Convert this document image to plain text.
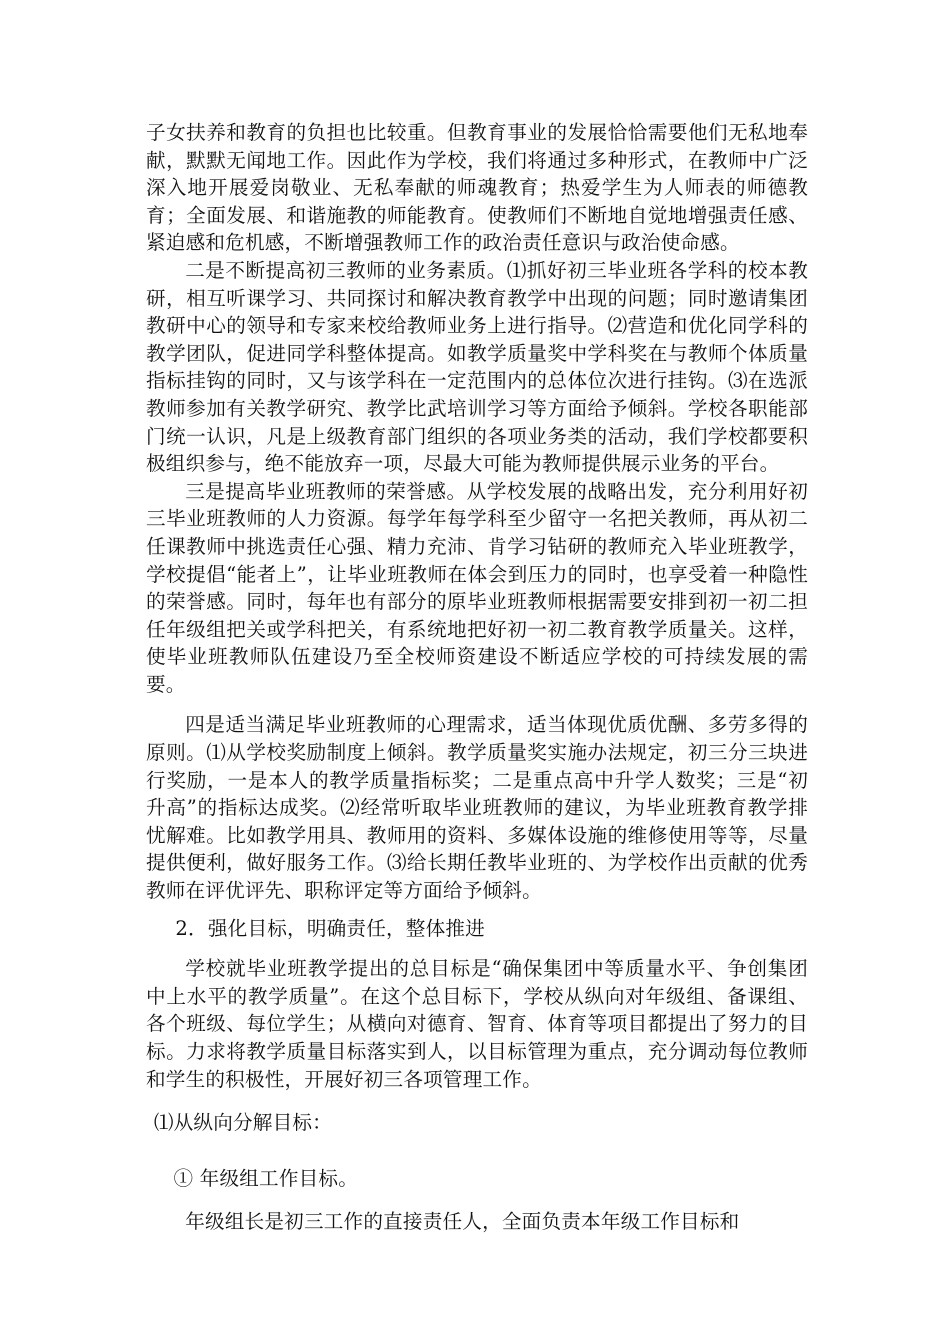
子女扶养和教育的负担也比较重。但教育事业的发展恰恰需要他们无私地奉献，默默无闻地工作。因此作为学校，我们将通过多种形式，在教师中广泛深入地开展爱岗敬业、无私奉献的师魂教育；热爱学生为人师表的师德教育；全面发展、和谐施教的师能教育。使教师们不断地自觉地增强责任感、紧迫感和危机感，不断增强教师工作的政治责任意识与政治使命感。

二是不断提高初三教师的业务素质。⑴抓好初三毕业班各学科的校本教研，相互听课学习、共同探讨和解决教育教学中出现的问题；同时邀请集团教研中心的领导和专家来校给教师业务上进行指导。⑵营造和优化同学科的教学团队，促进同学科整体提高。如教学质量奖中学科奖在与教师个体质量指标挂钩的同时，又与该学科在一定范围内的总体位次进行挂钩。⑶在选派教师参加有关教学研究、教学比武培训学习等方面给予倾斜。学校各职能部门统一认识，凡是上级教育部门组织的各项业务类的活动，我们学校都要积极组织参与，绝不能放弃一项，尽最大可能为教师提供展示业务的平台。

三是提高毕业班教师的荣誉感。从学校发展的战略出发，充分利用好初三毕业班教师的人力资源。每学年每学科至少留守一名把关教师，再从初二任课教师中挑选责任心强、精力充沛、肯学习钻研的教师充入毕业班教学，学校提倡“能者上”，让毕业班教师在体会到压力的同时，也享受着一种隐性的荣誉感。同时，每年也有部分的原毕业班教师根据需要安排到初一初二担任年级组把关或学科把关，有系统地把好初一初二教育教学质量关。这样，使毕业班教师队伍建设乃至全校师资建设不断适应学校的可持续发展的需要。

四是适当满足毕业班教师的心理需求，适当体现优质优酬、多劳多得的原则。⑴从学校奖励制度上倾斜。教学质量奖实施办法规定，初三分三块进行奖励，一是本人的教学质量指标奖；二是重点高中升学人数奖；三是“初升高”的指标达成奖。⑵经常听取毕业班教师的建议，为毕业班教育教学排忧解难。比如教学用具、教师用的资料、多媒体设施的维修使用等等，尽量提供便利，做好服务工作。⑶给长期任教毕业班的、为学校作出贡献的优秀教师在评优评先、职称评定等方面给予倾斜。

2．强化目标，明确责任，整体推进

学校就毕业班教学提出的总目标是“确保集团中等质量水平、争创集团中上水平的教学质量”。在这个总目标下，学校从纵向对年级组、备课组、各个班级、每位学生；从横向对德育、智育、体育等项目都提出了努力的目标。力求将教学质量目标落实到人，以目标管理为重点，充分调动每位教师和学生的积极性，开展好初三各项管理工作。

⑴从纵向分解目标：

① 年级组工作目标。

年级组长是初三工作的直接责任人，全面负责本年级工作目标和
